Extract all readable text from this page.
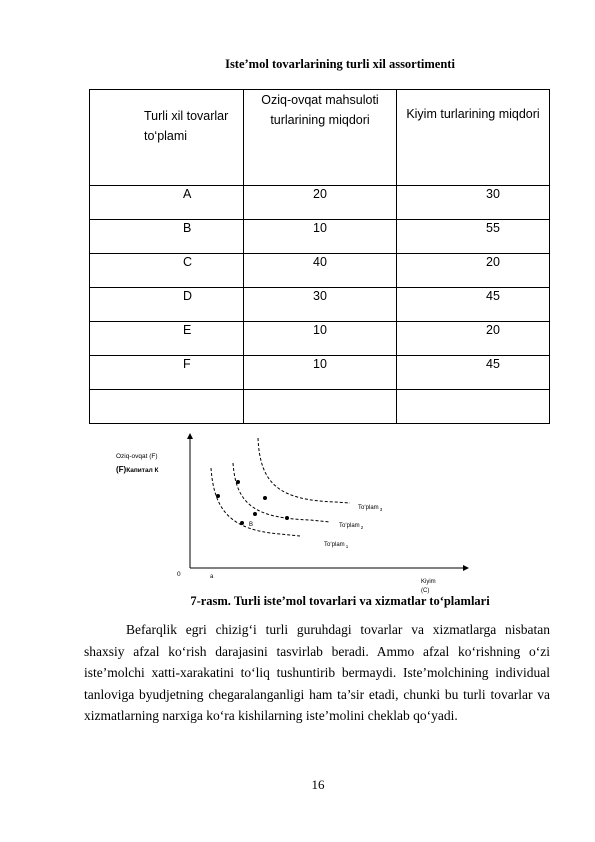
Iste’mol tovarlarining turli xil assortimenti
Turli xil tovarlar to‘plami	Oziq-ovqat mahsuloti turlarining miqdori	Kiyim turlarining miqdori
A	20	30
B	10	55
C	40	20
D	30	45
E	10	20
F	10	45

Oziq-ovqat (F)
(F)Капитал К
0	a
Kiyim
(C)
B
To‘plam$_3$
To‘plam$_2$
To‘plam$_1$
7-rasm. Turli iste’mol tovarlari va xizmatlar to‘plamlari
Befarqlik egri chizig‘i turli guruhdagi tovarlar va xizmatlarga nisbatan shaxsiy afzal ko‘rish darajasini tasvirlab beradi. Ammo afzal ko‘rishning o‘zi iste’molchi xatti-xarakatini to‘liq tushuntirib bermaydi. Iste’molchining individual tanloviga byudjetning chegaralanganligi ham ta’sir etadi, chunki bu turli tovarlar va xizmatlarning narxiga ko‘ra kishilarning iste’molini cheklab qo‘yadi.
16
